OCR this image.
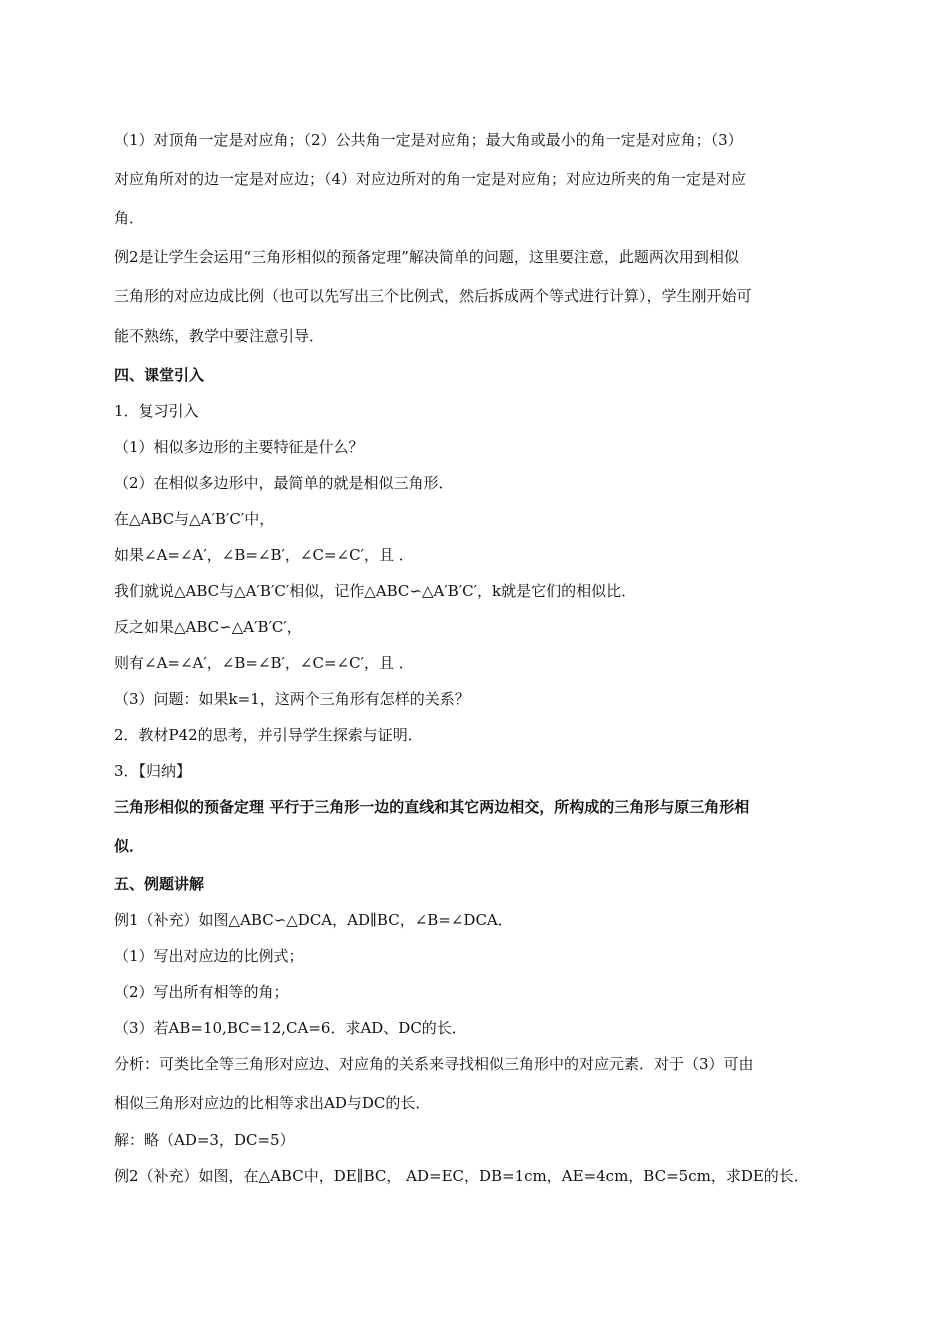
（1）对顶角一定是对应角；（2）公共角一定是对应角；最大角或最小的角一定是对应角；（3）
对应角所对的边一定是对应边；（4）对应边所对的角一定是对应角；对应边所夹的角一定是对应
角．
例2是让学生会运用“三角形相似的预备定理”解决简单的问题，这里要注意，此题两次用到相似
三角形的对应边成比例（也可以先写出三个比例式，然后拆成两个等式进行计算），学生刚开始可
能不熟练，教学中要注意引导．
四、课堂引入
1．复习引入
（1）相似多边形的主要特征是什么？
（2）在相似多边形中，最简单的就是相似三角形．
在△ABC与△A′B′C′中，
如果∠A=∠A′，∠B=∠B′，∠C=∠C′，且 ．
我们就说△ABC与△A′B′C′相似，记作△ABC∽△A′B′C′，k就是它们的相似比．
反之如果△ABC∽△A′B′C′，
则有∠A=∠A′，∠B=∠B′，∠C=∠C′，且 ．
（3）问题：如果k=1，这两个三角形有怎样的关系？
2．教材P42的思考，并引导学生探索与证明．
3．【归纳】
三角形相似的预备定理 平行于三角形一边的直线和其它两边相交，所构成的三角形与原三角形相
似．
五、例题讲解
例1（补充）如图△ABC∽△DCA，AD∥BC，∠B=∠DCA．
（1）写出对应边的比例式；
（2）写出所有相等的角；
（3）若AB=10,BC=12,CA=6．求AD、DC的长．
分析：可类比全等三角形对应边、对应角的关系来寻找相似三角形中的对应元素．对于（3）可由
相似三角形对应边的比相等求出AD与DC的长．
解：略（AD=3，DC=5）
例2（补充）如图，在△ABC中，DE∥BC， AD=EC，DB=1cm，AE=4cm，BC=5cm，求DE的长．
